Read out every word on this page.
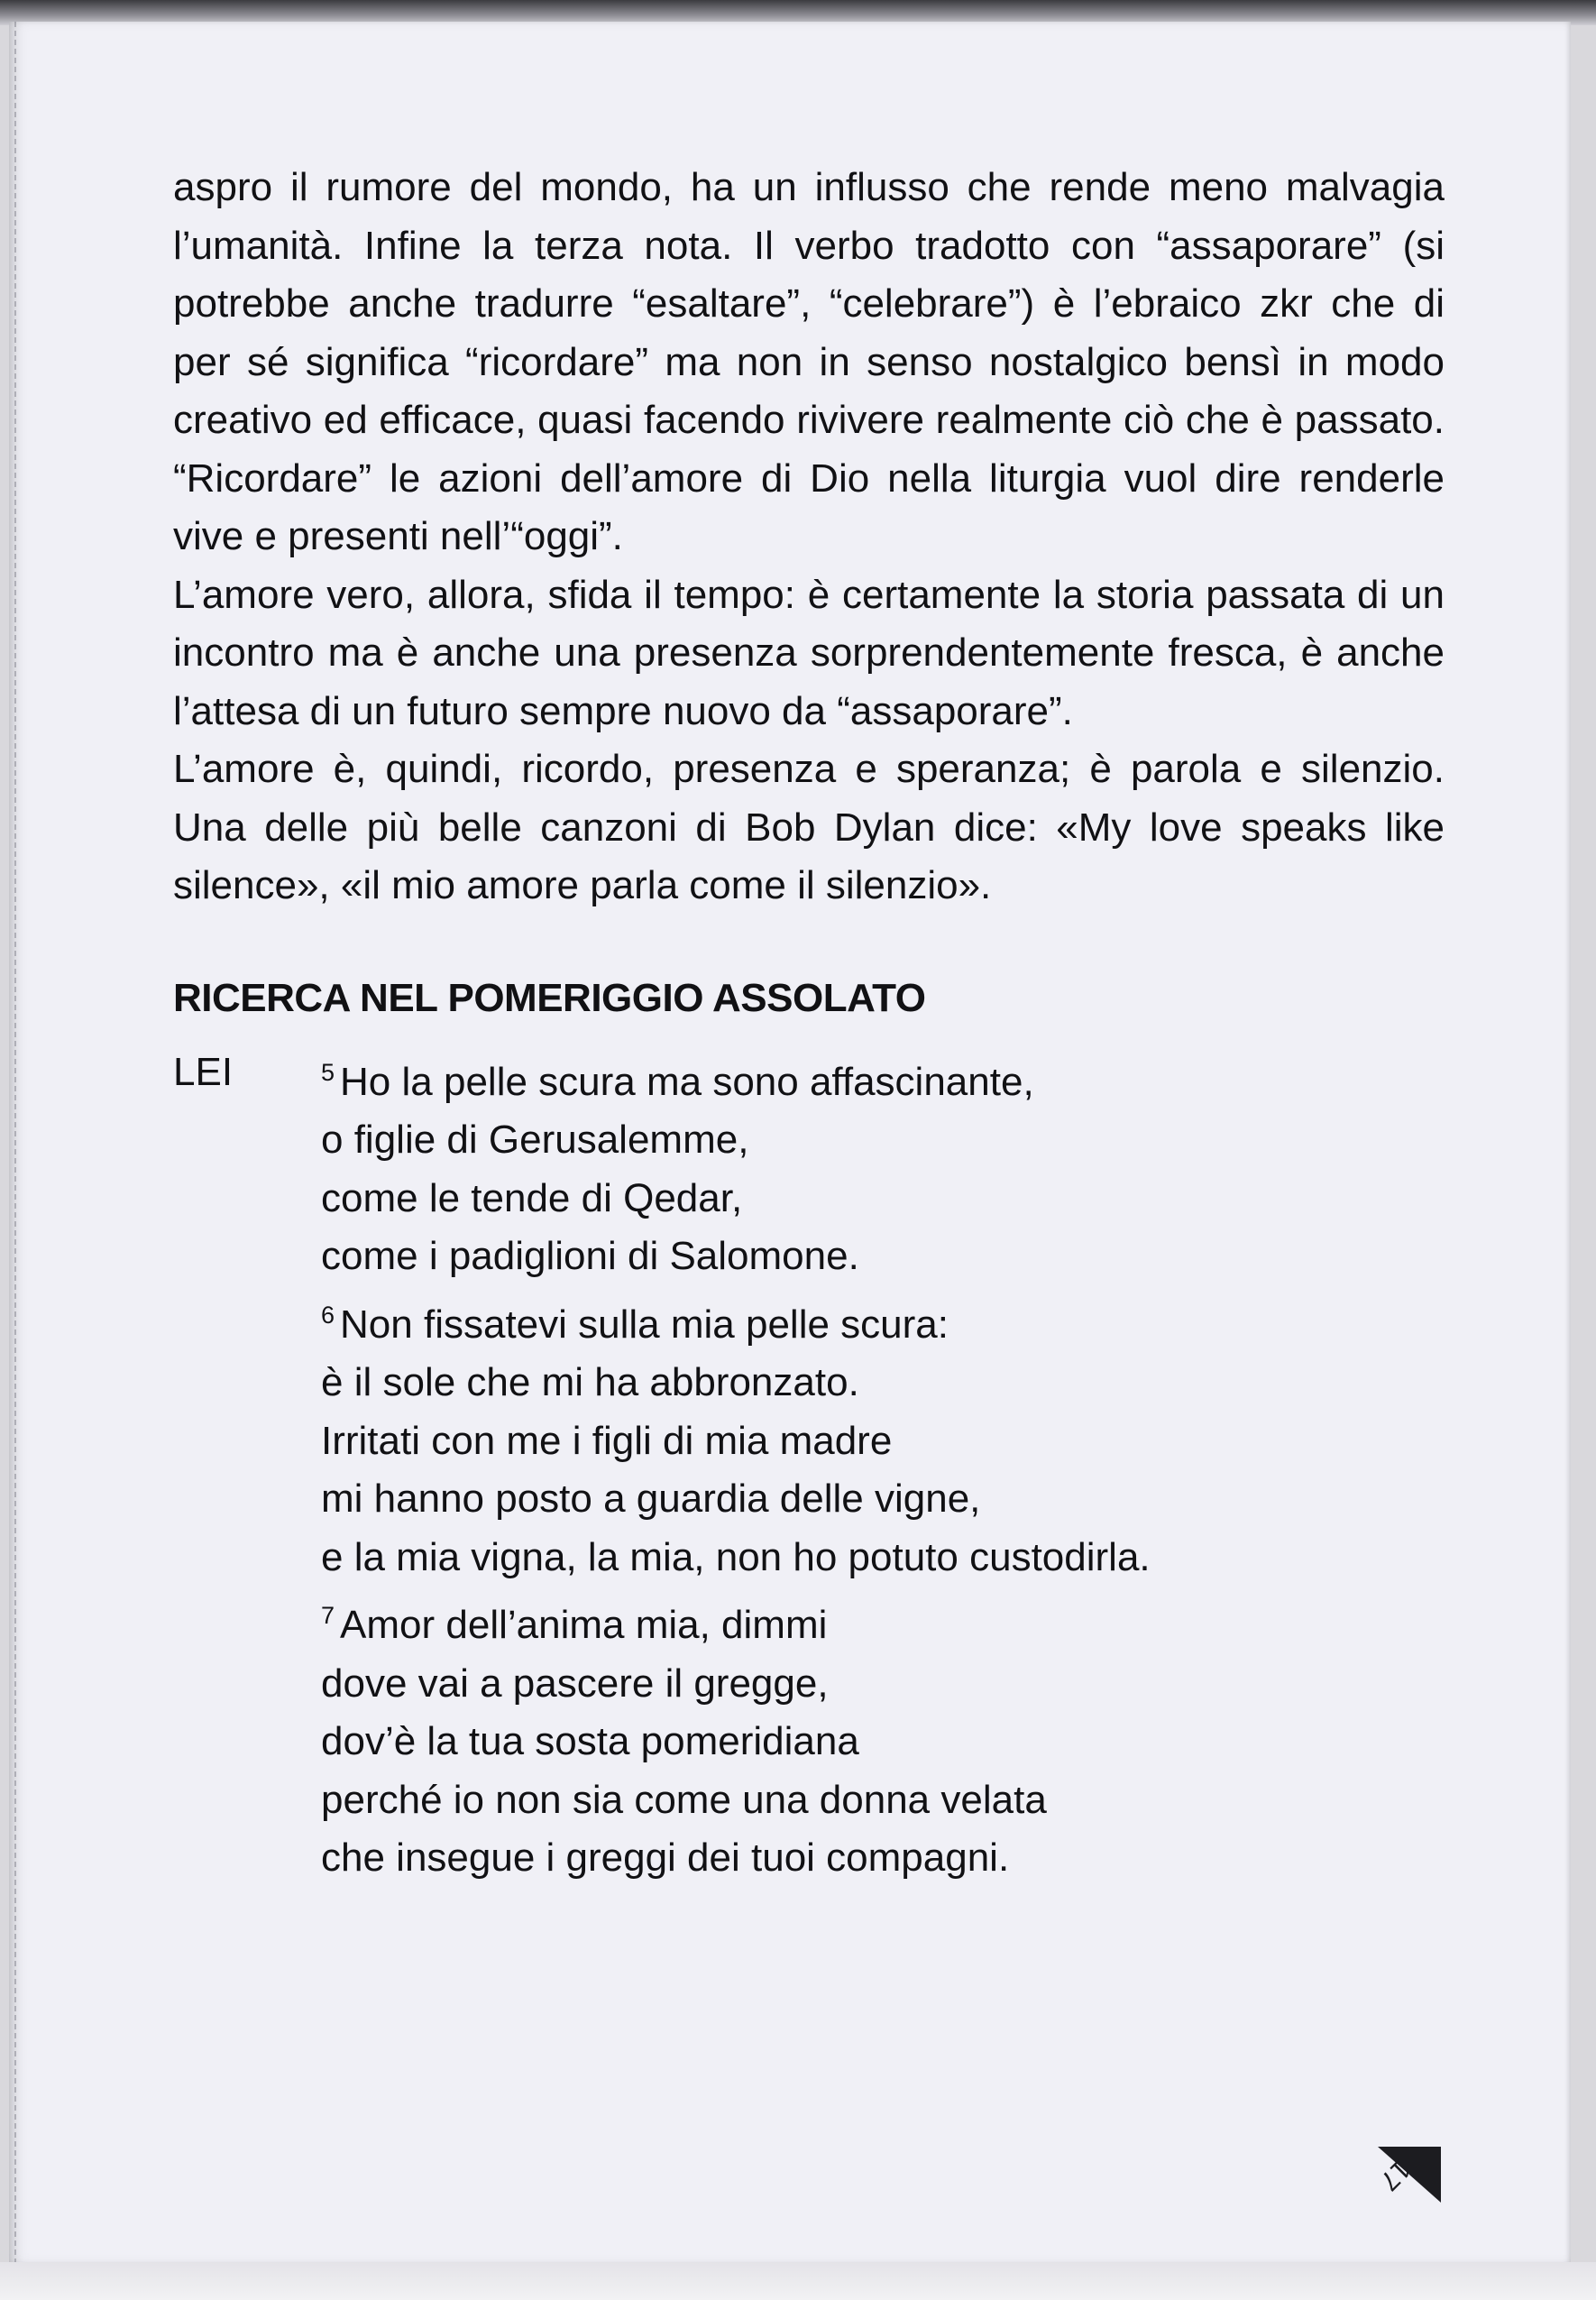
aspro il rumore del mondo, ha un influsso che rende meno malvagia l’umanità. Infine la terza nota. Il verbo tradotto con “assaporare” (si potrebbe anche tradurre “esaltare”, “celebrare”) è l’ebraico zkr che di per sé significa “ricordare” ma non in senso nostalgico bensì in modo creativo ed efficace, quasi facendo rivivere realmente ciò che è passato. “Ricordare” le azioni dell’amore di Dio nella liturgia vuol dire renderle vive e presenti nell’“oggi”.

L’amore vero, allora, sfida il tempo: è certamente la storia passata di un incontro ma è anche una presenza sorprendentemente fresca, è anche l’attesa di un futuro sempre nuovo da “assaporare”.

L’amore è, quindi, ricordo, presenza e speranza; è parola e silenzio. Una delle più belle canzoni di Bob Dylan dice: «My love speaks like silence», «il mio amore parla come il silenzio».

RICERCA NEL POMERIGGIO ASSOLATO
LEI	$^5$ Ho la pelle scura ma sono affascinante,
o figlie di Gerusalemme,
come le tende di Qedar,
come i padiglioni di Salomone.
$^6$ Non fissatevi sulla mia pelle scura:
è il sole che mi ha abbronzato.
Irritati con me i figli di mia madre
mi hanno posto a guardia delle vigne,
e la mia vigna, la mia, non ho potuto custodirla.
$^7$ Amor dell’anima mia, dimmi
dove vai a pascere il gregge,
dov’è la tua sosta pomeridiana
perché io non sia come una donna velata
che insegue i greggi dei tuoi compagni.
17
